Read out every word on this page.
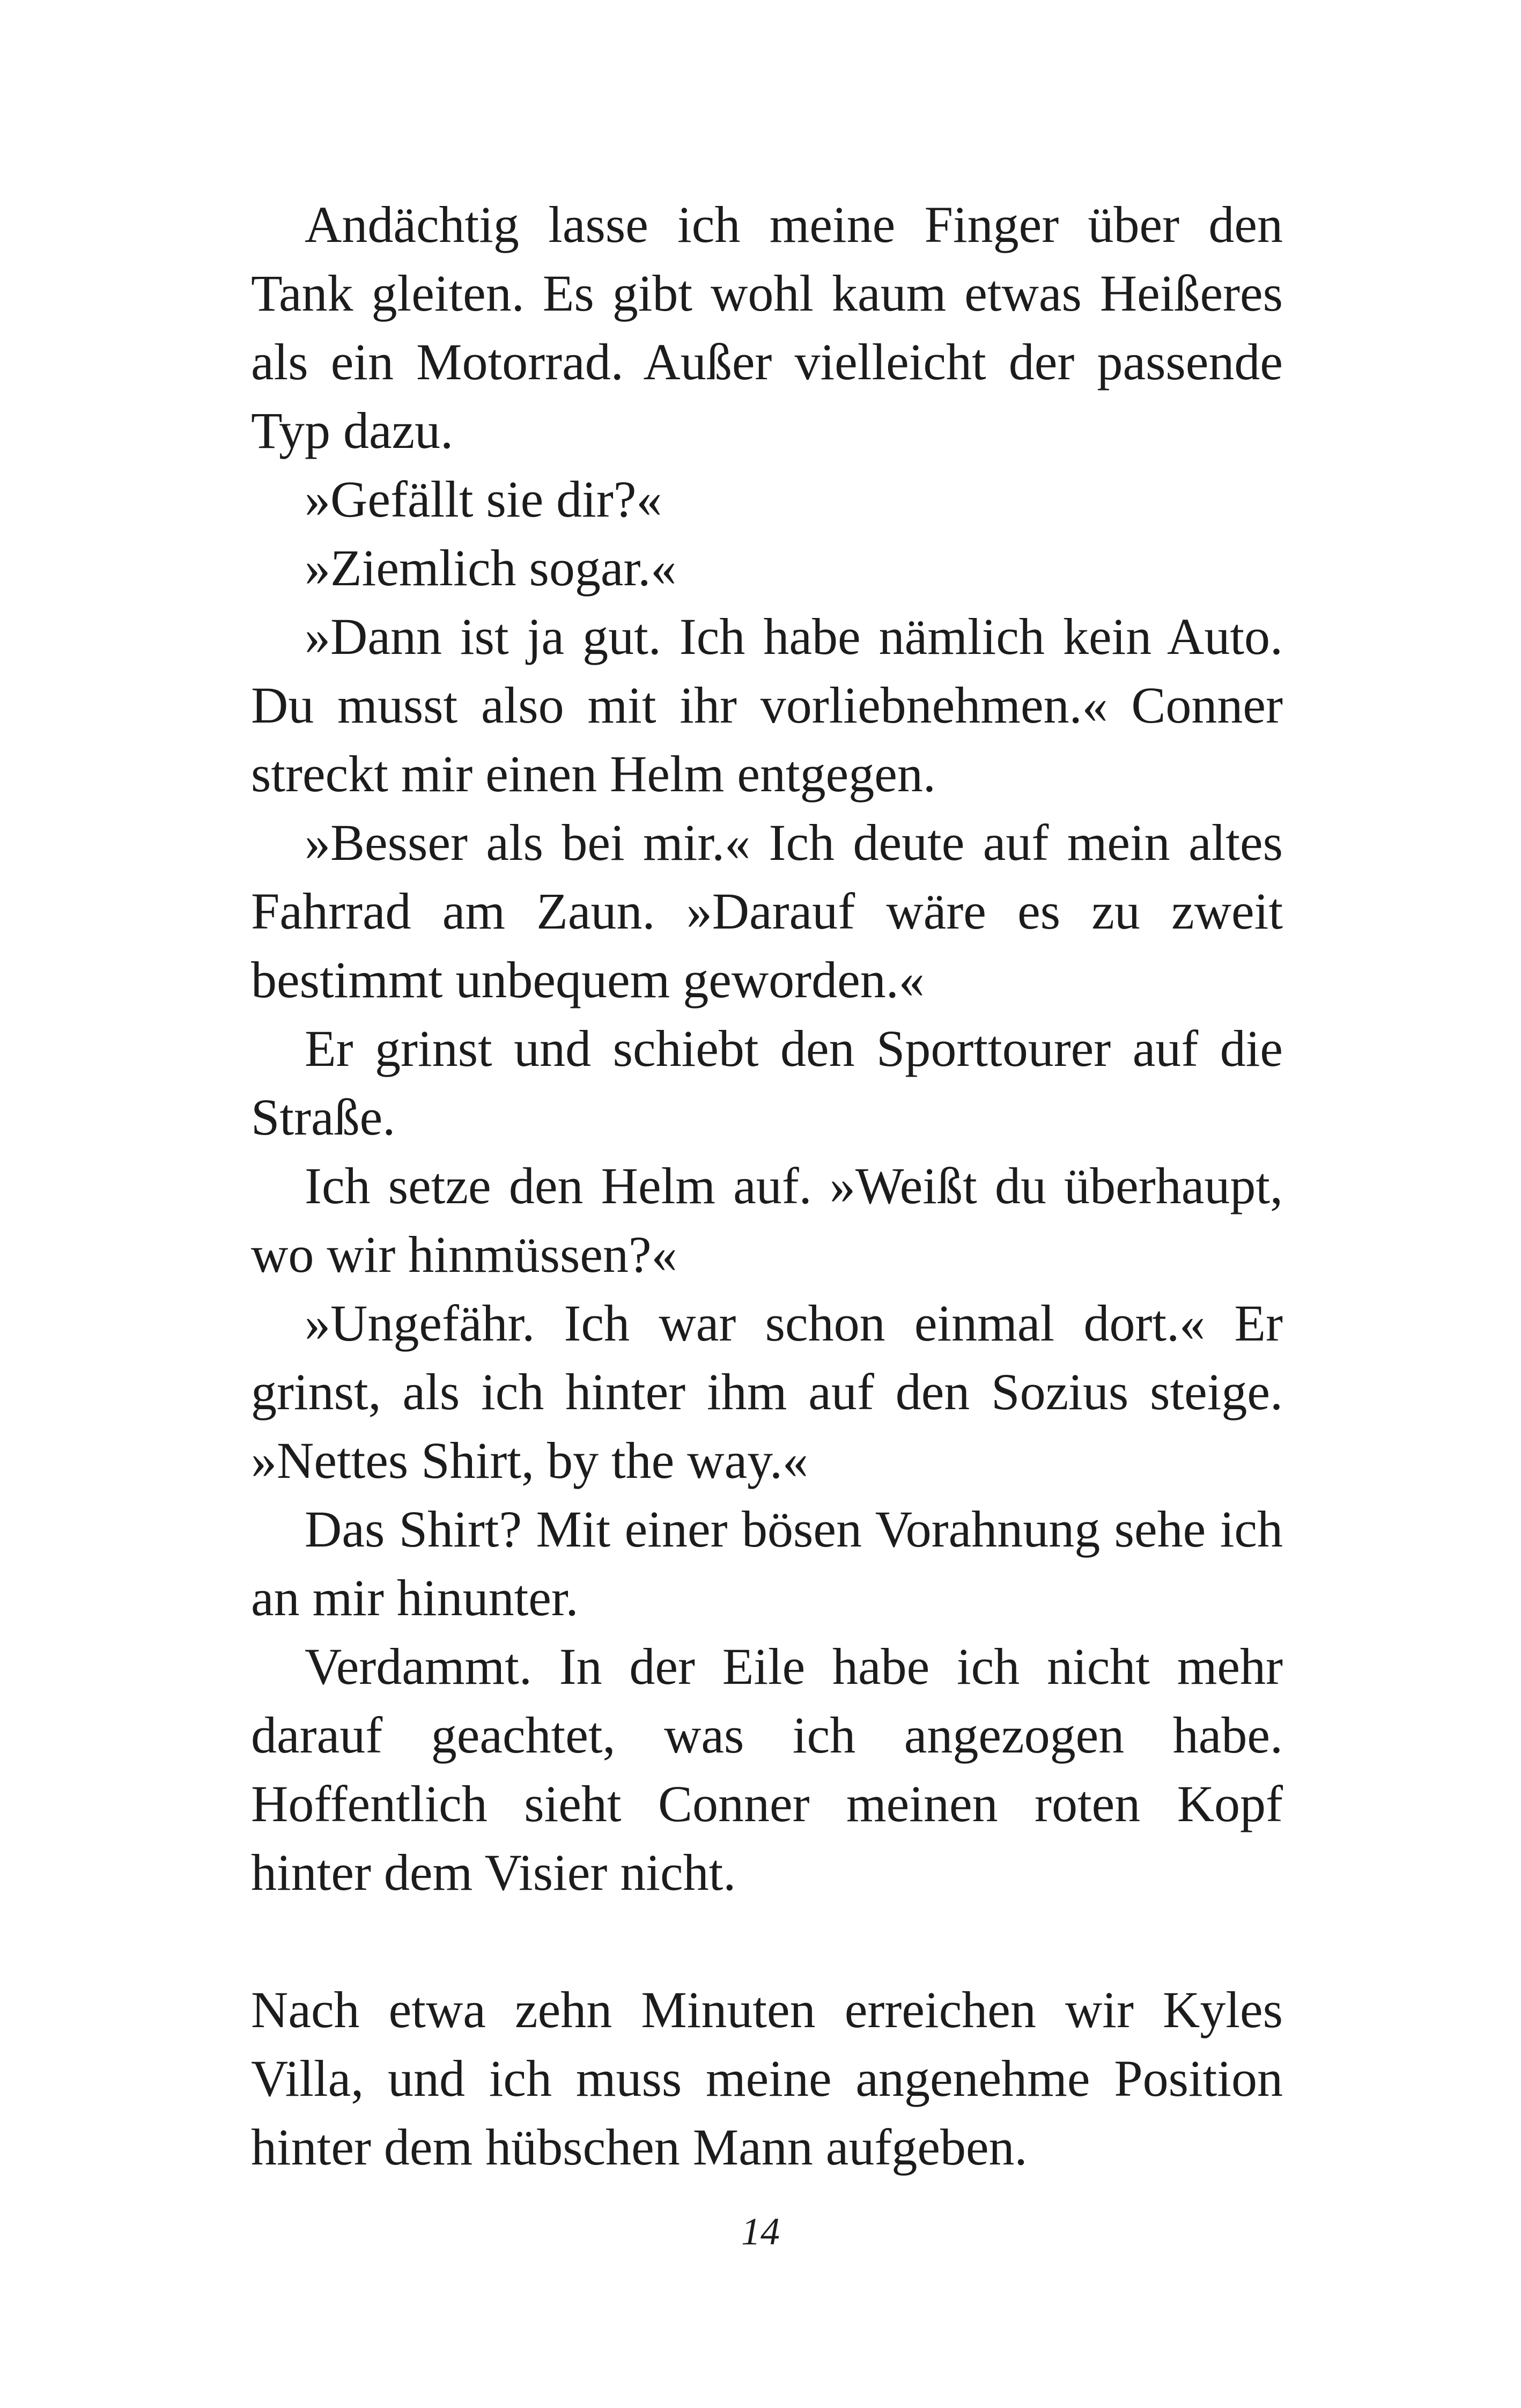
Andächtig lasse ich meine Finger über den Tank gleiten. Es gibt wohl kaum etwas Heißeres als ein Motorrad. Außer vielleicht der passende Typ dazu.

»Gefällt sie dir?«

»Ziemlich sogar.«

»Dann ist ja gut. Ich habe nämlich kein Auto. Du musst also mit ihr vorliebnehmen.« Conner streckt mir einen Helm entgegen.

»Besser als bei mir.« Ich deute auf mein altes Fahrrad am Zaun. »Darauf wäre es zu zweit bestimmt unbequem geworden.«

Er grinst und schiebt den Sporttourer auf die Straße.

Ich setze den Helm auf. »Weißt du überhaupt, wo wir hinmüssen?«

»Ungefähr. Ich war schon einmal dort.« Er grinst, als ich hinter ihm auf den Sozius steige. »Nettes Shirt, by the way.«

Das Shirt? Mit einer bösen Vorahnung sehe ich an mir hinunter.

Verdammt. In der Eile habe ich nicht mehr darauf geachtet, was ich angezogen habe. Hoffentlich sieht Conner meinen roten Kopf hinter dem Visier nicht.

Nach etwa zehn Minuten erreichen wir Kyles Villa, und ich muss meine angenehme Position hinter dem hübschen Mann aufgeben.

14
